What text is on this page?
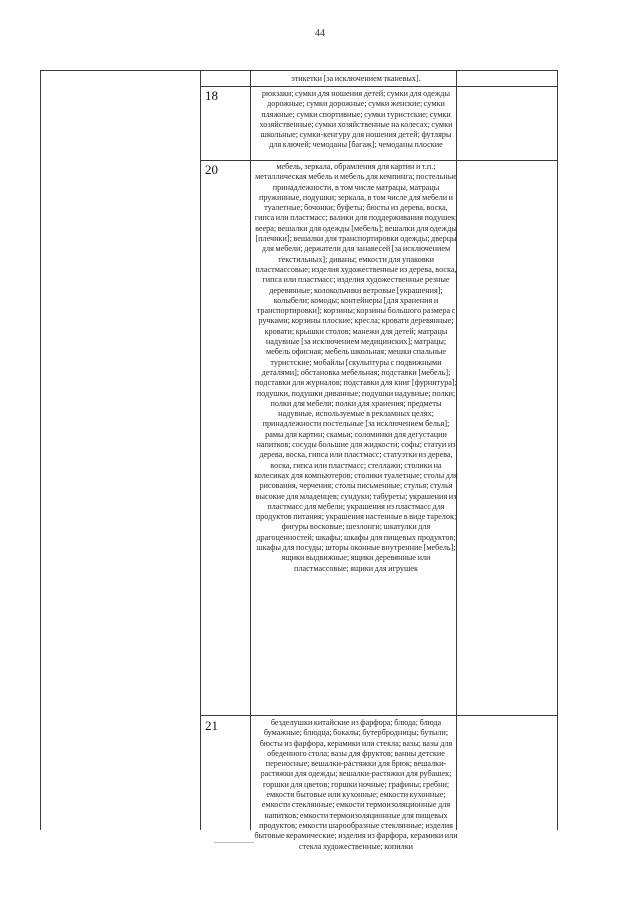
44
этикетки [за исключением тканевых].
18	рюкзаки; сумки для ношения детей; сумки для одежды дорожные; сумки дорожные; сумки женские; сумки пляжные; сумки спортивные; сумки туристские; сумки хозяйственные; сумки хозяйственные на колесах; сумки школьные; сумки-кенгуру для ношения детей; футляры для ключей; чемоданы [багаж]; чемоданы плоские
20	мебель, зеркала, обрамления для картин и т.п.; металлическая мебель и мебель для кемпинга; постельные принадлежности, в том числе матрацы, матрацы пружинные, подушки; зеркала, в том числе для мебели и туалетные; бочонки; буфеты; бюсты из дерева, воска, гипса или пластмасс; валики для поддерживания подушек; веера; вешалки для одежды [мебель]; вешалки для одежды [плечики]; вешалки для транспортировки одежды; дверцы для мебели; держатели для занавесей [за исключением текстильных]; диваны; емкости для упаковки пластмассовые; изделия художественные из дерева, воска, гипса или пластмасс; изделия художественные резные деревянные; колокольчики ветровые [украшения]; колыбели; комоды; контейнеры [для хранения и транспортировки]; корзины; корзины большого размера с ручками; корзины плоские; кресла; кровати деревянные; кровати; крышки столов; манежи для детей; матрацы надувные [за исключением медицинских]; матрацы; мебель офисная; мебель школьная; мешки спальные туристские; мобайлы [скульптуры с подвижными деталями]; обстановка мебельная; подставки [мебель]; подставки для журналов; подставки для книг [фурнитура]; подушки, подушки диванные; подушки надувные; полки; полки для мебели; полки для хранения; предметы надувные, используемые в рекламных целях; принадлежности постельные [за исключением белья]; рамы для картин; скамьи; соломинки для дегустации напитков; сосуды большие для жидкости; софы; статуи из дерева, воска, гипса или пластмасс; статуэтки из дерева, воска, гипса или пластмасс; стеллажи; столики на колесиках для компьютеров; столики туалетные; столы для рисования, черчения; столы письменные; стулья; стулья высокие для младенцев; сундуки; табуреты; украшения из пластмасс для мебели; украшения из пластмасс для продуктов питания; украшения настенные в виде тарелок; фигуры восковые; шезлонги; шкатулки для драгоценностей; шкафы; шкафы для пищевых продуктов; шкафы для посуды; шторы оконные внутренние [мебель]; ящики выдвижные; ящики деревянные или пластмассовые; ящики для игрушек
21	безделушки китайские из фарфора; блюда; блюда бумажные; блюдца; бокалы; бутербродницы; бутыли; бюсты из фарфора, керамики или стекла; вазы; вазы для обеденного стола; вазы для фруктов; ванны детские переносные; вешалки-растяжки для брюк; вешалки-растяжки для одежды; вешалки-растяжки для рубашек; горшки для цветов; горшки ночные; графины; гребни; емкости бытовые или кухонные; емкости кухонные; емкости стеклянные; емкости термоизоляционные для напитков; емкости термоизоляционные для пищевых продуктов; емкости шарообразные стеклянные; изделия бытовые керамические; изделия из фарфора, керамики или стекла художественные; копилки
